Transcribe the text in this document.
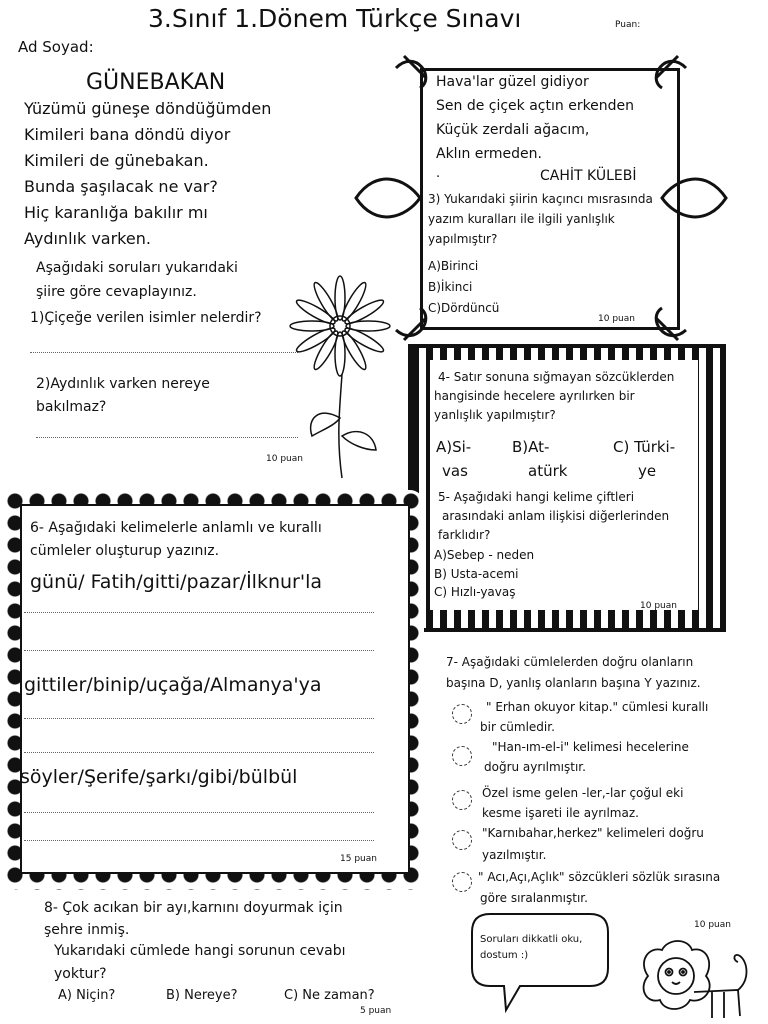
3.Sınıf 1.Dönem Türkçe Sınavı	Puan:
Ad Soyad:
GÜNEBAKAN
Yüzümü güneşe döndüğümden
Kimileri bana döndü diyor
Kimileri de günebakan.
Bunda şaşılacak ne var?
Hiç karanlığa bakılır mı
Aydınlık varken.
Aşağıdaki soruları yukarıdaki
şiire göre cevaplayınız.
1)Çiçeğe verilen isimler nelerdir?
2)Aydınlık varken nereye
bakılmaz?
10 puan
Hava'lar güzel gidiyor
Sen de çiçek açtın erkenden
Küçük zerdali ağacım,
Aklın ermeden.
.	CAHİT KÜLEBİ
3) Yukarıdaki şiirin kaçıncı mısrasında
yazım kuralları ile ilgili yanlışlık
yapılmıştır?
A)Birinci
B)İkinci
C)Dördüncü
10 puan
4- Satır sonuna sığmayan sözcüklerden
hangisinde hecelere ayrılırken bir
yanlışlık yapılmıştır?
A)Si-	B)At-	C) Türki-
vas	atürk	ye
5- Aşağıdaki hangi kelime çiftleri
arasındaki anlam ilişkisi diğerlerinden
farklıdır?
A)Sebep - neden
B) Usta-acemi
C) Hızlı-yavaş
10 puan
6- Aşağıdaki kelimelerle anlamlı ve kurallı
cümleler oluşturup yazınız.
günü/ Fatih/gitti/pazar/İlknur'la
gittiler/binip/uçağa/Almanya'ya
söyler/Şerife/şarkı/gibi/bülbül
15 puan
7- Aşağıdaki cümlelerden doğru olanların
başına D, yanlış olanların başına Y yazınız.
" Erhan okuyor kitap." cümlesi kurallı
bir cümledir.
"Han-ım-el-i" kelimesi hecelerine
doğru ayrılmıştır.
Özel isme gelen -ler,-lar çoğul eki
kesme işareti ile ayrılmaz.
"Karnıbahar,herkez" kelimeleri doğru
yazılmıştır.
" Acı,Açı,Açlık" sözcükleri sözlük sırasına
göre sıralanmıştır.
10 puan
8- Çok acıkan bir ayı,karnını doyurmak için
şehre inmiş.
Yukarıdaki cümlede hangi sorunun cevabı
yoktur?
A) Niçin?	B) Nereye?	C) Ne zaman?
5 puan
Soruları dikkatli oku,
dostum :)
